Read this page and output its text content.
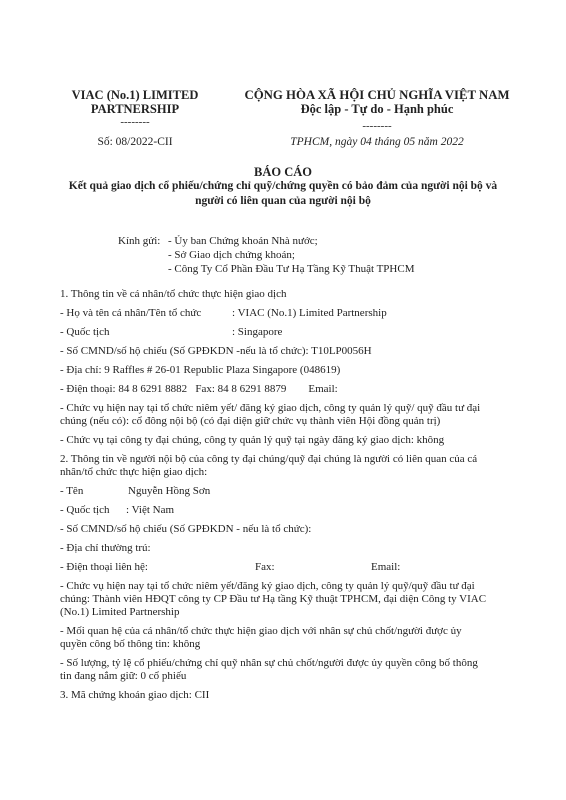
VIAC (No.1) LIMITED
PARTNERSHIP
--------
Số: 08/2022-CII
CỘNG HÒA XÃ HỘI CHỦ NGHĨA VIỆT NAM
Độc lập - Tự do - Hạnh phúc
--------
TPHCM, ngày 04 tháng 05 năm 2022
BÁO CÁO
Kết quả giao dịch cổ phiếu/chứng chỉ quỹ/chứng quyền có bảo đảm của người nội bộ và
người có liên quan của người nội bộ
Kính gửi: - Ủy ban Chứng khoán Nhà nước;
- Sở Giao dịch chứng khoán;
- Công Ty Cổ Phần Đầu Tư Hạ Tầng Kỹ Thuật TPHCM
1. Thông tin về cá nhân/tổ chức thực hiện giao dịch
- Họ và tên cá nhân/Tên tổ chức	: VIAC (No.1) Limited Partnership
- Quốc tịch	: Singapore
- Số CMND/số hộ chiếu (Số GPĐKDN -nếu là tổ chức): T10LP0056H
- Địa chỉ: 9 Raffles # 26-01 Republic Plaza Singapore (048619)
- Điện thoại: 84 8 6291 8882   Fax: 84 8 6291 8879        Email:
- Chức vụ hiện nay tại tổ chức niêm yết/ đăng ký giao dịch, công ty quản lý quỹ/ quỹ đầu tư đại
chúng (nếu có): cổ đông nội bộ (có đại diện giữ chức vụ thành viên Hội đồng quản trị)
- Chức vụ tại công ty đại chúng, công ty quản lý quỹ tại ngày đăng ký giao dịch: không
2. Thông tin về người nội bộ của công ty đại chúng/quỹ đại chúng là người có liên quan của cá
nhân/tổ chức thực hiện giao dịch:
- Tên	Nguyễn Hồng Sơn
- Quốc tịch : Việt Nam
- Số CMND/số hộ chiếu (Số GPĐKDN - nếu là tổ chức):
- Địa chỉ thường trú:
- Điện thoại liên hệ:	Fax:	Email:
- Chức vụ hiện nay tại tổ chức niêm yết/đăng ký giao dịch, công ty quản lý quỹ/quỹ đầu tư đại
chúng: Thành viên HĐQT công ty CP Đầu tư Hạ tầng Kỹ thuật TPHCM, đại diện Công ty VIAC
(No.1) Limited Partnership
- Mối quan hệ của cá nhân/tổ chức thực hiện giao dịch với nhân sự chủ chốt/người được ủy
quyền công bố thông tin: không
- Số lượng, tỷ lệ cổ phiếu/chứng chỉ quỹ nhân sự chủ chốt/người được ủy quyền công bố thông
tin đang nắm giữ: 0 cổ phiếu
3. Mã chứng khoán giao dịch: CII
